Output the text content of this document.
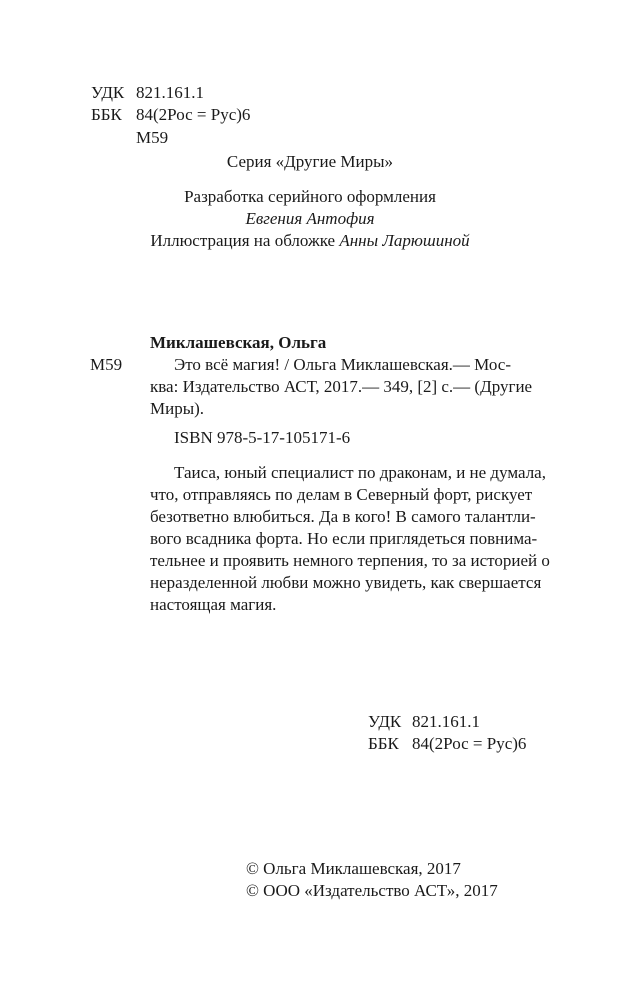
УДК 821.161.1
ББК 84(2Рос = Рус)6
М59
Серия «Другие Миры»
Разработка серийного оформления
Евгения Антофия
Иллюстрация на обложке Анны Ларюшиной
Миклашевская, Ольга
М59	Это всё магия! / Ольга Миклашевская.— Мос-
ква: Издательство АСТ, 2017.— 349, [2] с.— (Другие
Миры).
ISBN 978-5-17-105171-6
Таиса, юный специалист по драконам, и не думала,
что, отправляясь по делам в Северный форт, рискует
безответно влюбиться. Да в кого! В самого талантли-
вого всадника форта. Но если приглядеться повнима-
тельнее и проявить немного терпения, то за историей о
неразделенной любви можно увидеть, как свершается
настоящая магия.
УДК 821.161.1
ББК 84(2Рос = Рус)6
© Ольга Миклашевская, 2017
© ООО «Издательство АСТ», 2017
